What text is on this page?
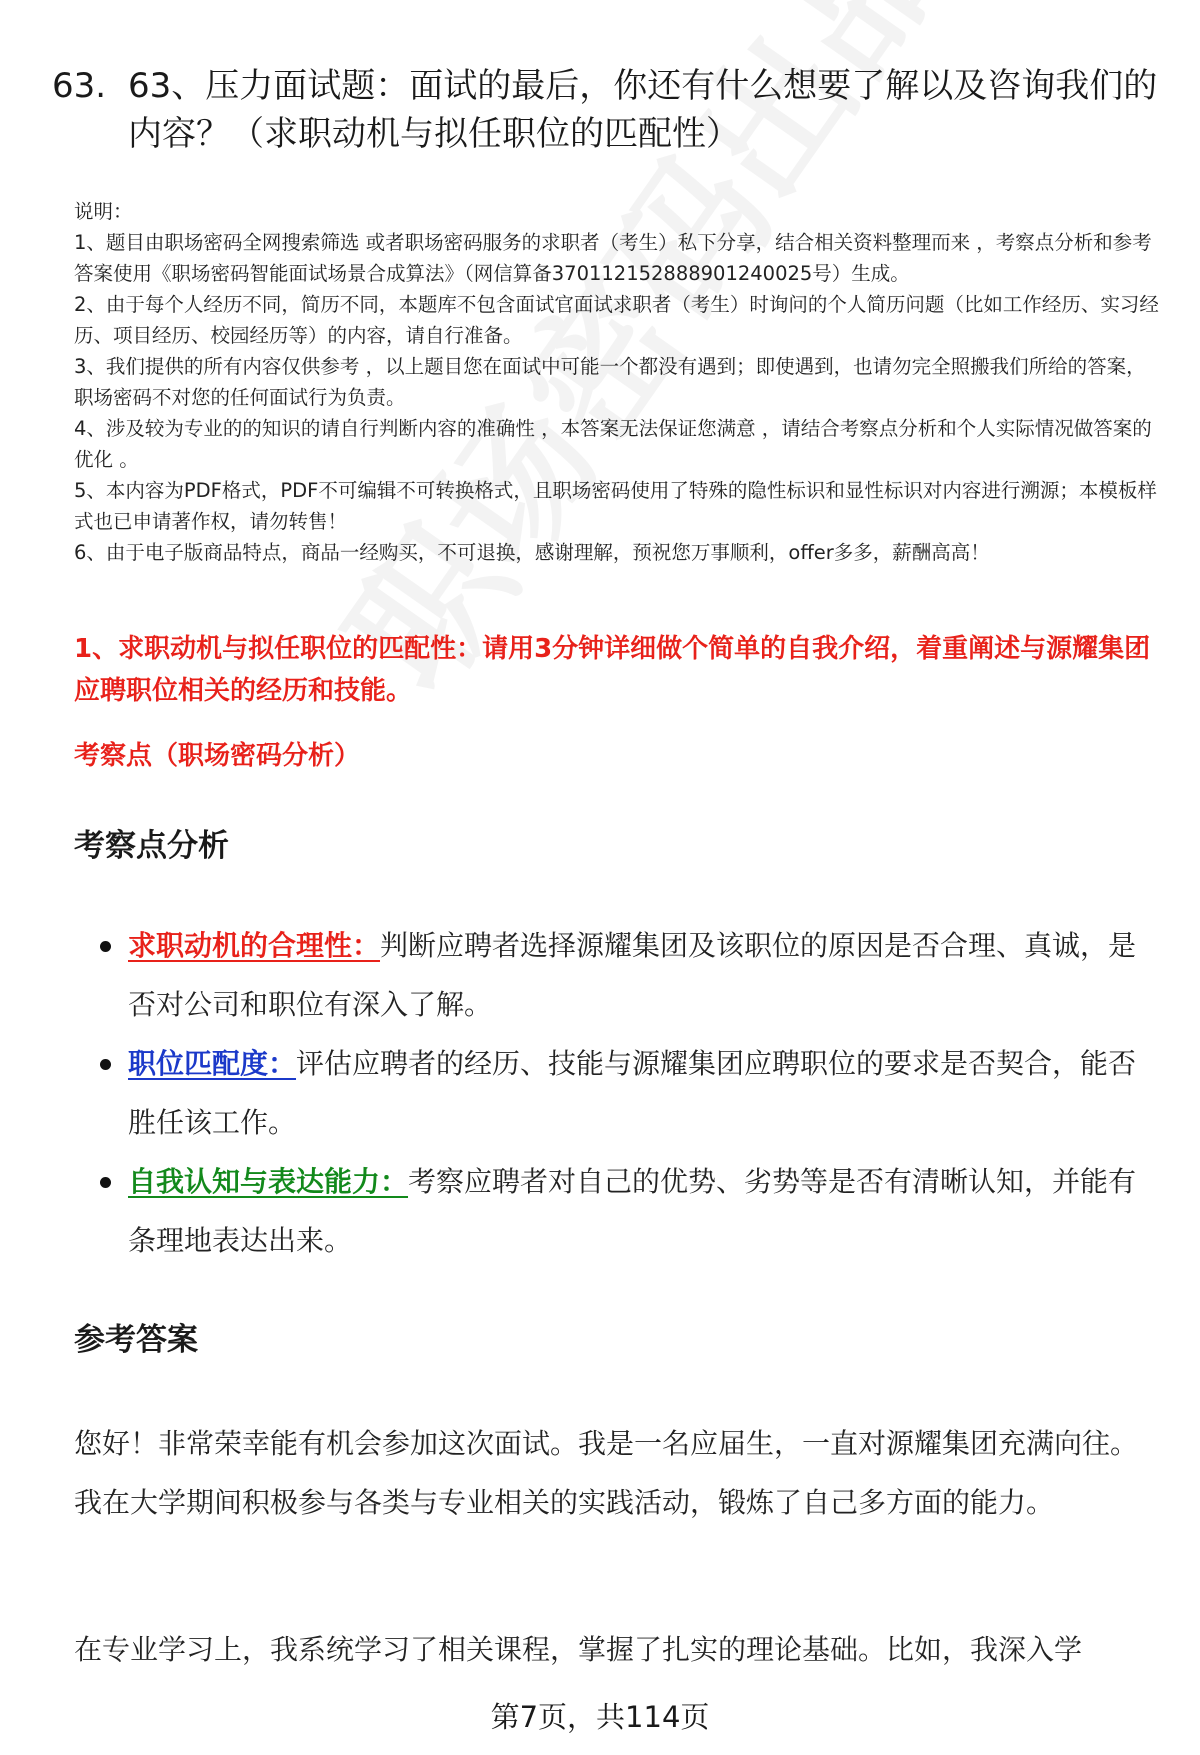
63. 63、压力面试题：面试的最后，你还有什么想要了解以及咨询我们的内容？（求职动机与拟任职位的匹配性）

说明：

1、题目由职场密码全网搜索筛选 或者职场密码服务的求职者（考生）私下分享，结合相关资料整理而来 ，考察点分析和参考答案使用《职场密码智能面试场景合成算法》（网信算备370112152888901240025号）生成。

2、由于每个人经历不同，简历不同，本题库不包含面试官面试求职者（考生）时询问的个人简历问题（比如工作经历、实习经历、项目经历、校园经历等）的内容，请自行准备。

3、我们提供的所有内容仅供参考 ，以上题目您在面试中可能一个都没有遇到；即使遇到，也请勿完全照搬我们所给的答案，职场密码不对您的任何面试行为负责。

4、涉及较为专业的的知识的请自行判断内容的准确性 ，本答案无法保证您满意 ，请结合考察点分析和个人实际情况做答案的优化 。

5、本内容为PDF格式，PDF不可编辑不可转换格式，且职场密码使用了特殊的隐性标识和显性标识对内容进行溯源；本模板样式也已申请著作权，请勿转售！

6、由于电子版商品特点，商品一经购买，不可退换，感谢理解，预祝您万事顺利，offer多多，薪酬高高！

1、求职动机与拟任职位的匹配性：请用3分钟详细做个简单的自我介绍，着重阐述与源耀集团应聘职位相关的经历和技能。
考察点（职场密码分析）
考察点分析
求职动机的合理性：判断应聘者选择源耀集团及该职位的原因是否合理、真诚，是否对公司和职位有深入了解。
职位匹配度：评估应聘者的经历、技能与源耀集团应聘职位的要求是否契合，能否胜任该工作。
自我认知与表达能力：考察应聘者对自己的优势、劣势等是否有清晰认知，并能有条理地表达出来。
参考答案

您好！非常荣幸能有机会参加这次面试。我是一名应届生，一直对源耀集团充满向往。我在大学期间积极参与各类与专业相关的实践活动，锻炼了自己多方面的能力。

在专业学习上，我系统学习了相关课程，掌握了扎实的理论基础。比如，我深入学

第7页，共114页
